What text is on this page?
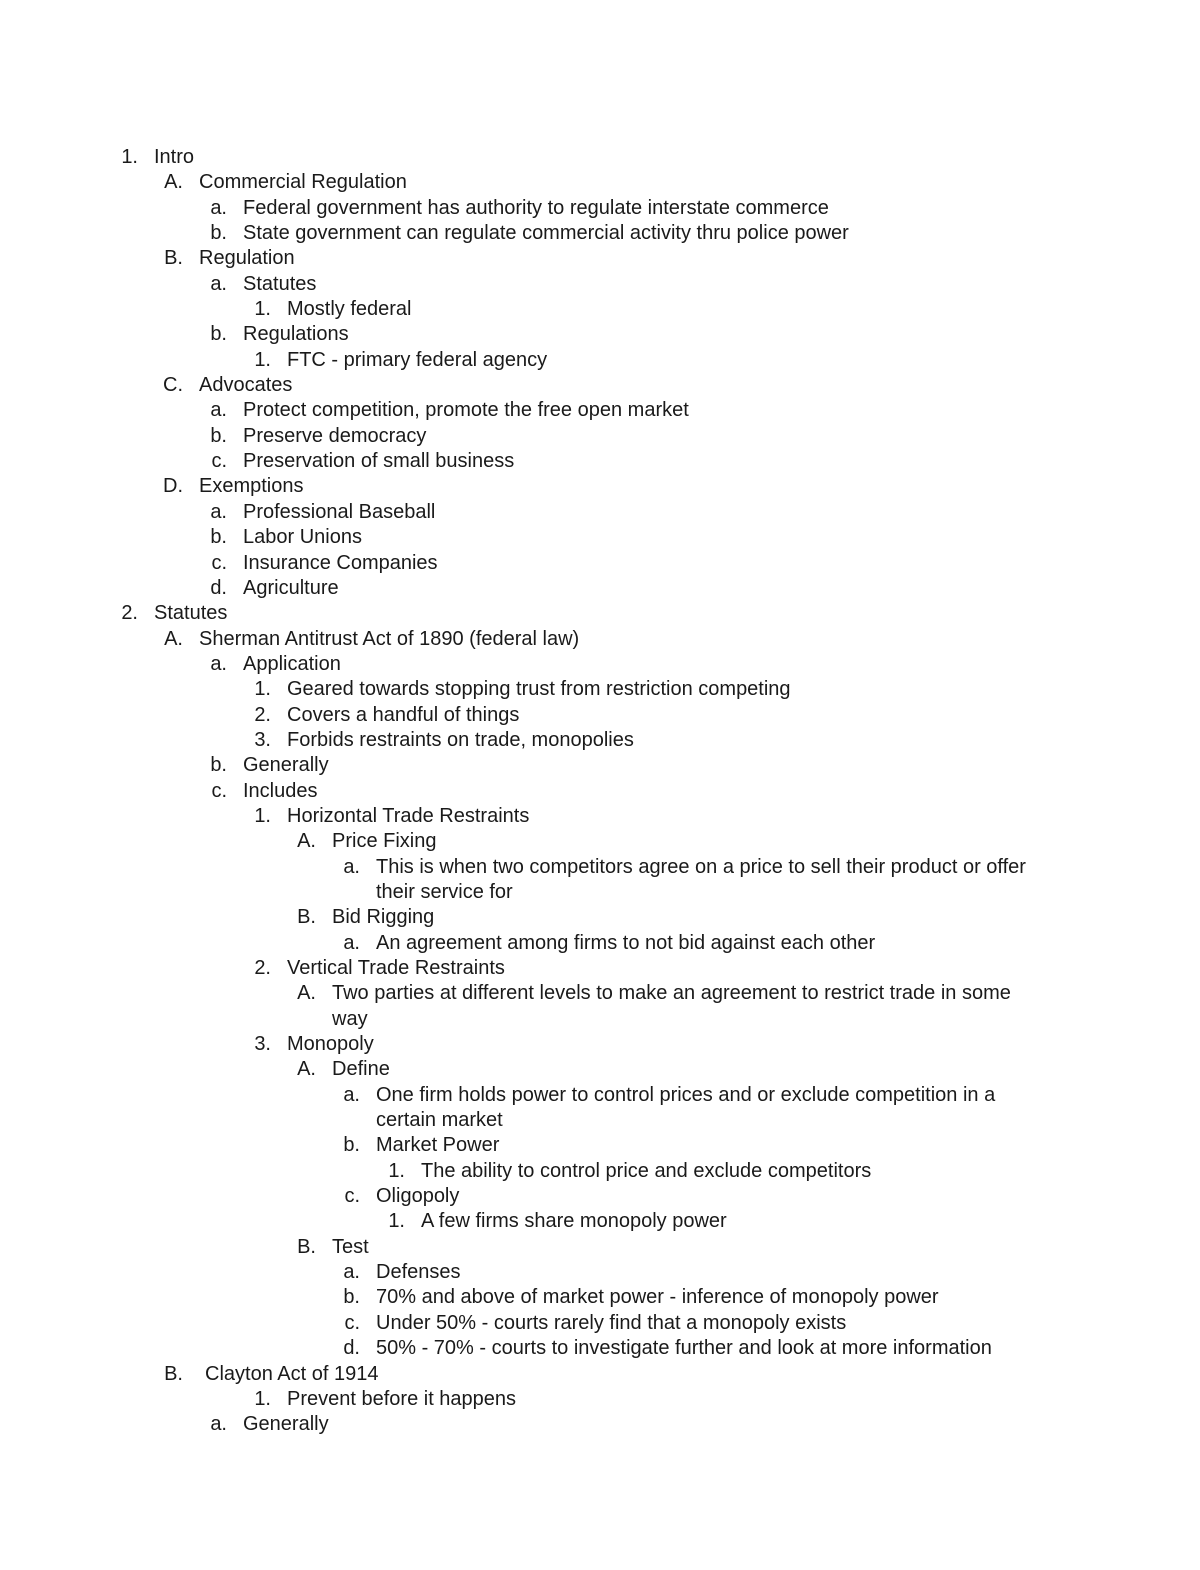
1. Intro
A. Commercial Regulation
a. Federal government has authority to regulate interstate commerce
b. State government can regulate commercial activity thru police power
B. Regulation
a. Statutes
1. Mostly federal
b. Regulations
1. FTC - primary federal agency
C. Advocates
a. Protect competition, promote the free open market
b. Preserve democracy
c. Preservation of small business
D. Exemptions
a. Professional Baseball
b. Labor Unions
c. Insurance Companies
d. Agriculture
2. Statutes
A. Sherman Antitrust Act of 1890 (federal law)
a. Application
1. Geared towards stopping trust from restriction competing
2. Covers a handful of things
3. Forbids restraints on trade, monopolies
b. Generally
c. Includes
1. Horizontal Trade Restraints
A. Price Fixing
a. This is when two competitors agree on a price to sell their product or offer
their service for
B. Bid Rigging
a. An agreement among firms to not bid against each other
2. Vertical Trade Restraints
A. Two parties at different levels to make an agreement to restrict trade in some
way
3. Monopoly
A. Define
a. One firm holds power to control prices and or exclude competition in a
certain market
b. Market Power
1. The ability to control price and exclude competitors
c. Oligopoly
1. A few firms share monopoly power
B. Test
a. Defenses
b. 70% and above of market power - inference of monopoly power
c. Under 50% - courts rarely find that a monopoly exists
d. 50% - 70% - courts to investigate further and look at more information
B. Clayton Act of 1914
1. Prevent before it happens
a. Generally
